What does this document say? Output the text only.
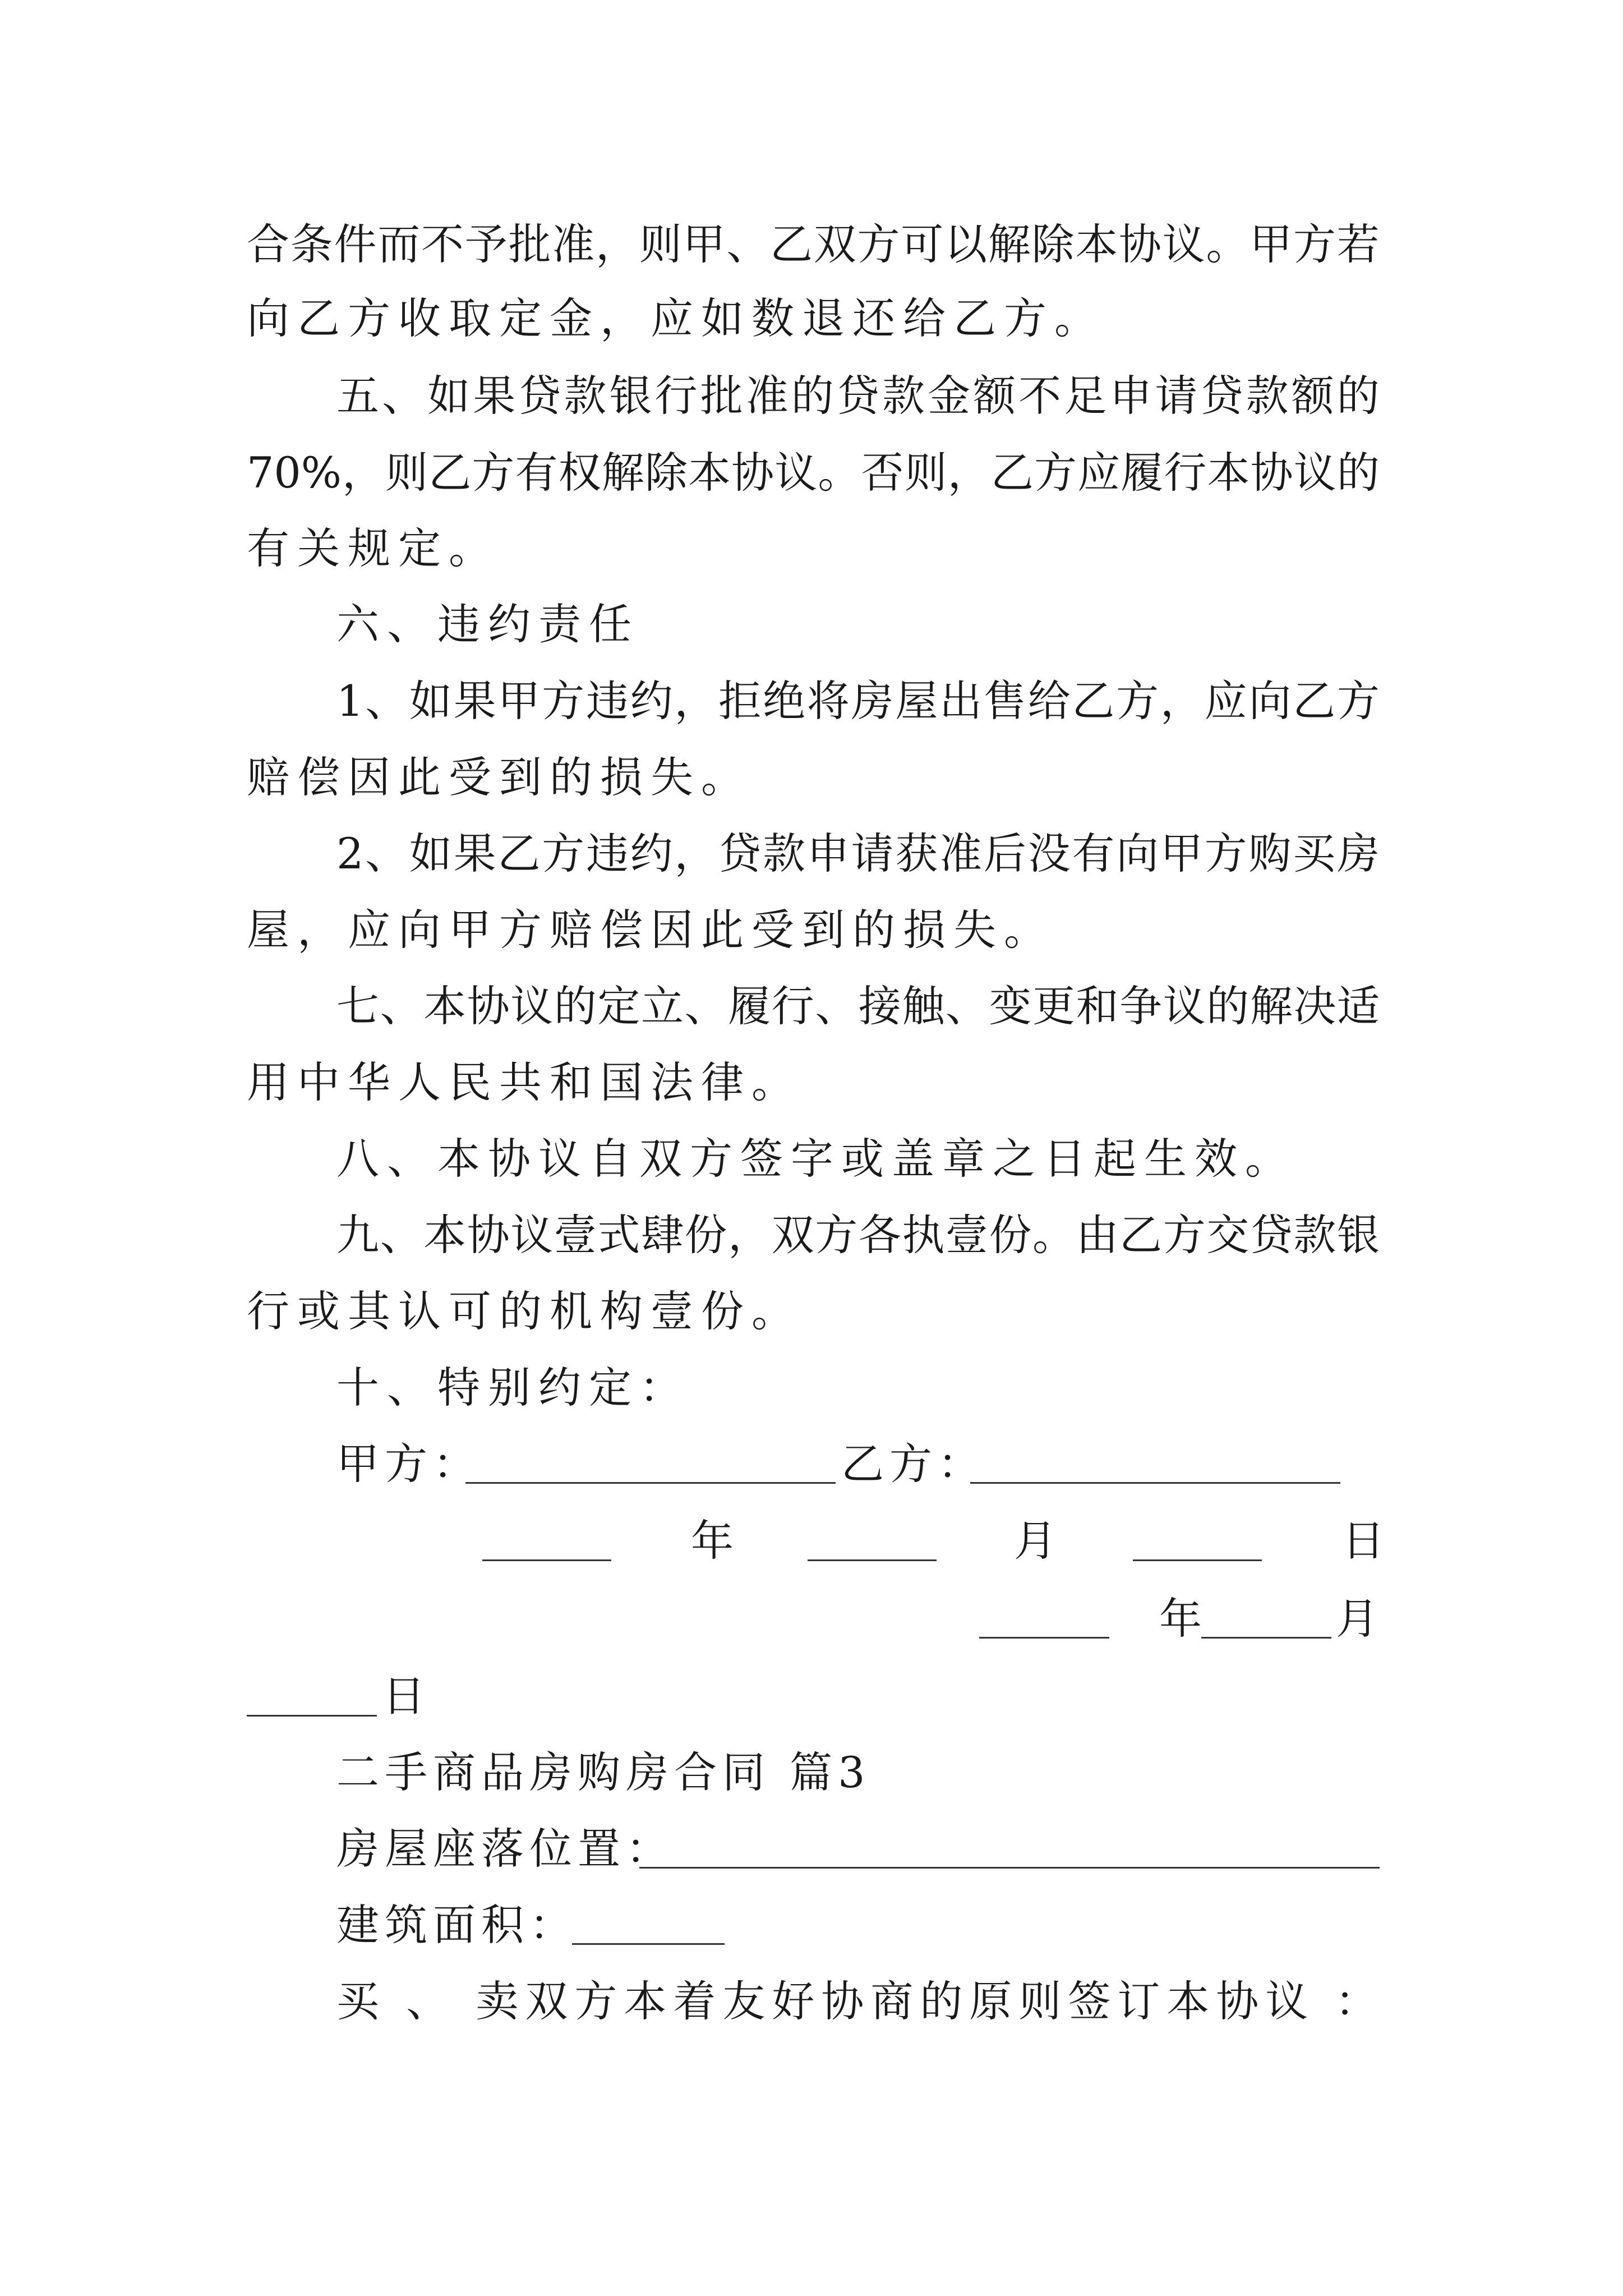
合 条 件 而 不 予 批 准 ， 则 甲 、 乙 双 方 可 以 解 除 本 协 议 。 甲 方 若
向乙方收取定金，应如数退还给乙方。
五 、 如 果 贷 款 银 行 批 准 的 贷 款 金 额 不 足 申 请 贷 款 额 的
70% ， 则 乙 方 有 权 解 除 本 协 议 。 否 则 ， 乙 方 应 履 行 本 协 议 的
有关规定。
六、违约责任
1 、 如 果 甲 方 违 约 ， 拒 绝 将 房 屋 出 售 给 乙 方 ， 应 向 乙 方
赔偿因此受到的损失。
2 、 如 果 乙 方 违 约 ， 贷 款 申 请 获 准 后 没 有 向 甲 方 购 买 房
屋，应向甲方赔偿因此受到的损失。
七 、 本 协 议 的 定 立 、 履 行 、 接 触 、 变 更 和 争 议 的 解 决 适
用中华人民共和国法律。
八、本协议自双方签字或盖章之日起生效。
九 、 本 协 议 壹 式 肆 份 ， 双 方 各 执 壹 份 。 由 乙 方 交 贷 款 银
行或其认可的机构壹份。
十、特别约定：
甲方：	乙方：
年	月	日
年	月
日
二手商品房购房合同 篇3
房屋座落位置：
建筑面积：
买 、 卖双方本着友好协商的原则签订本协议 ：
